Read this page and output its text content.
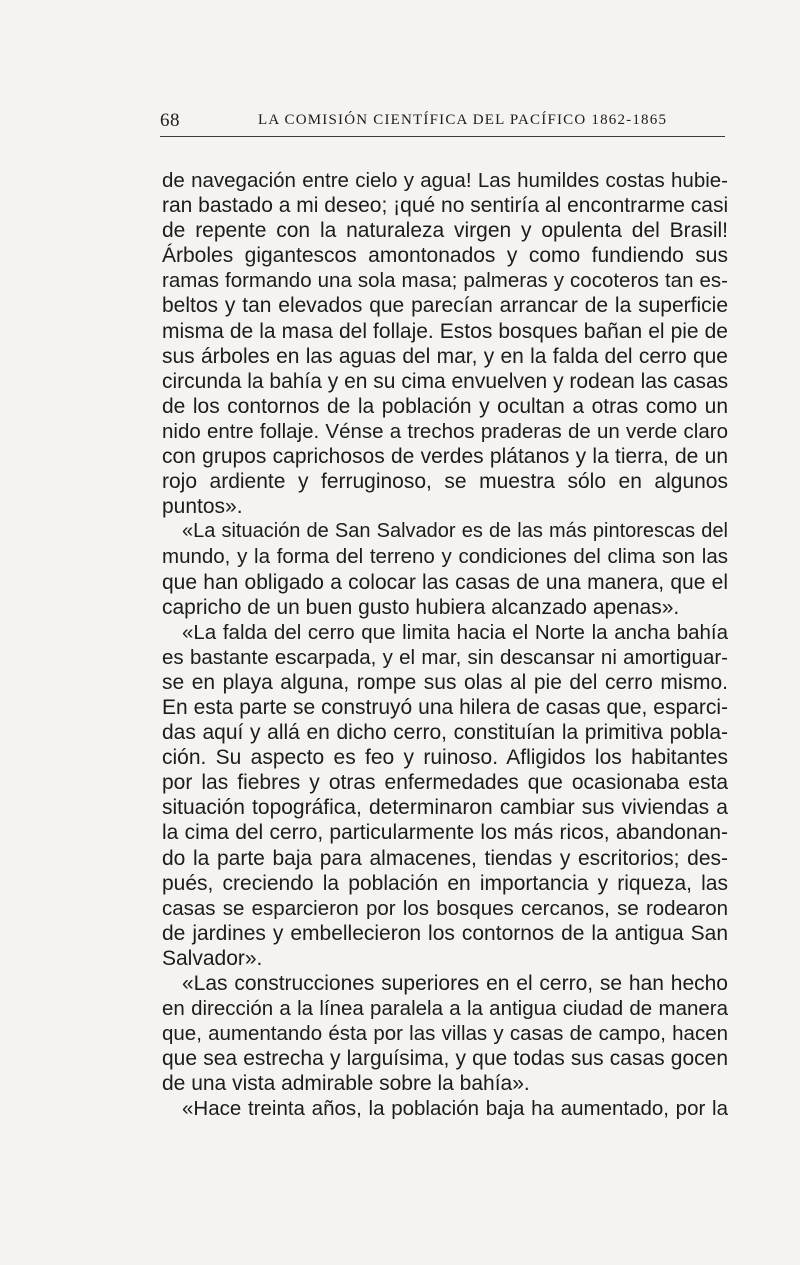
68	LA COMISIÓN CIENTÍFICA DEL PACÍFICO 1862-1865
de navegación entre cielo y agua! Las humildes costas hubie-
ran bastado a mi deseo; ¡qué no sentiría al encontrarme casi
de repente con la naturaleza virgen y opulenta del Brasil!
Árboles gigantescos amontonados y como fundiendo sus
ramas formando una sola masa; palmeras y cocoteros tan es-
beltos y tan elevados que parecían arrancar de la superficie
misma de la masa del follaje. Estos bosques bañan el pie de
sus árboles en las aguas del mar, y en la falda del cerro que
circunda la bahía y en su cima envuelven y rodean las casas
de los contornos de la población y ocultan a otras como un
nido entre follaje. Vénse a trechos praderas de un verde claro
con grupos caprichosos de verdes plátanos y la tierra, de un
rojo ardiente y ferruginoso, se muestra sólo en algunos
puntos».
«La situación de San Salvador es de las más pintorescas del
mundo, y la forma del terreno y condiciones del clima son las
que han obligado a colocar las casas de una manera, que el
capricho de un buen gusto hubiera alcanzado apenas».
«La falda del cerro que limita hacia el Norte la ancha bahía
es bastante escarpada, y el mar, sin descansar ni amortiguar-
se en playa alguna, rompe sus olas al pie del cerro mismo.
En esta parte se construyó una hilera de casas que, esparci-
das aquí y allá en dicho cerro, constituían la primitiva pobla-
ción. Su aspecto es feo y ruinoso. Afligidos los habitantes
por las fiebres y otras enfermedades que ocasionaba esta
situación topográfica, determinaron cambiar sus viviendas a
la cima del cerro, particularmente los más ricos, abandonan-
do la parte baja para almacenes, tiendas y escritorios; des-
pués, creciendo la población en importancia y riqueza, las
casas se esparcieron por los bosques cercanos, se rodearon
de jardines y embellecieron los contornos de la antigua San
Salvador».
«Las construcciones superiores en el cerro, se han hecho
en dirección a la línea paralela a la antigua ciudad de manera
que, aumentando ésta por las villas y casas de campo, hacen
que sea estrecha y larguísima, y que todas sus casas gocen
de una vista admirable sobre la bahía».
«Hace treinta años, la población baja ha aumentado, por la
